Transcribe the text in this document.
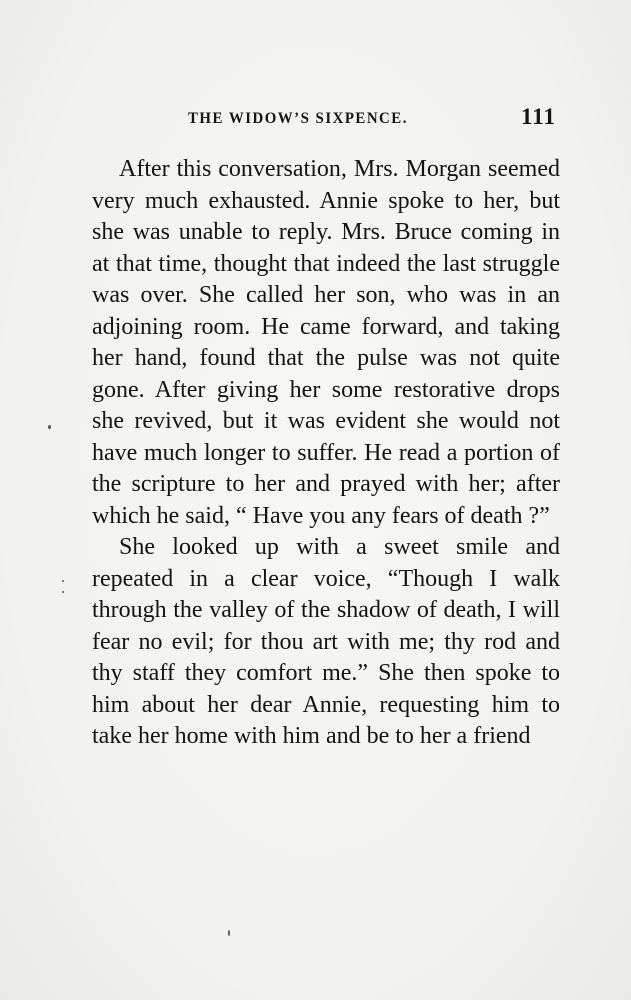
THE WIDOW’S SIXPENCE.	111

After this conversation, Mrs. Morgan seemed very much exhausted. Annie spoke to her, but she was unable to reply. Mrs. Bruce coming in at that time, thought that indeed the last struggle was over. She called her son, who was in an adjoining room. He came forward, and taking her hand, found that the pulse was not quite gone. After giving her some restorative drops she revived, but it was evident she would not have much longer to suffer. He read a portion of the scripture to her and prayed with her; after which he said, “ Have you any fears of death ?”

She looked up with a sweet smile and repeated in a clear voice, “Though I walk through the valley of the shadow of death, I will fear no evil; for thou art with me; thy rod and thy staff they comfort me.” She then spoke to him about her dear Annie, requesting him to take her home with him and be to her a friend
